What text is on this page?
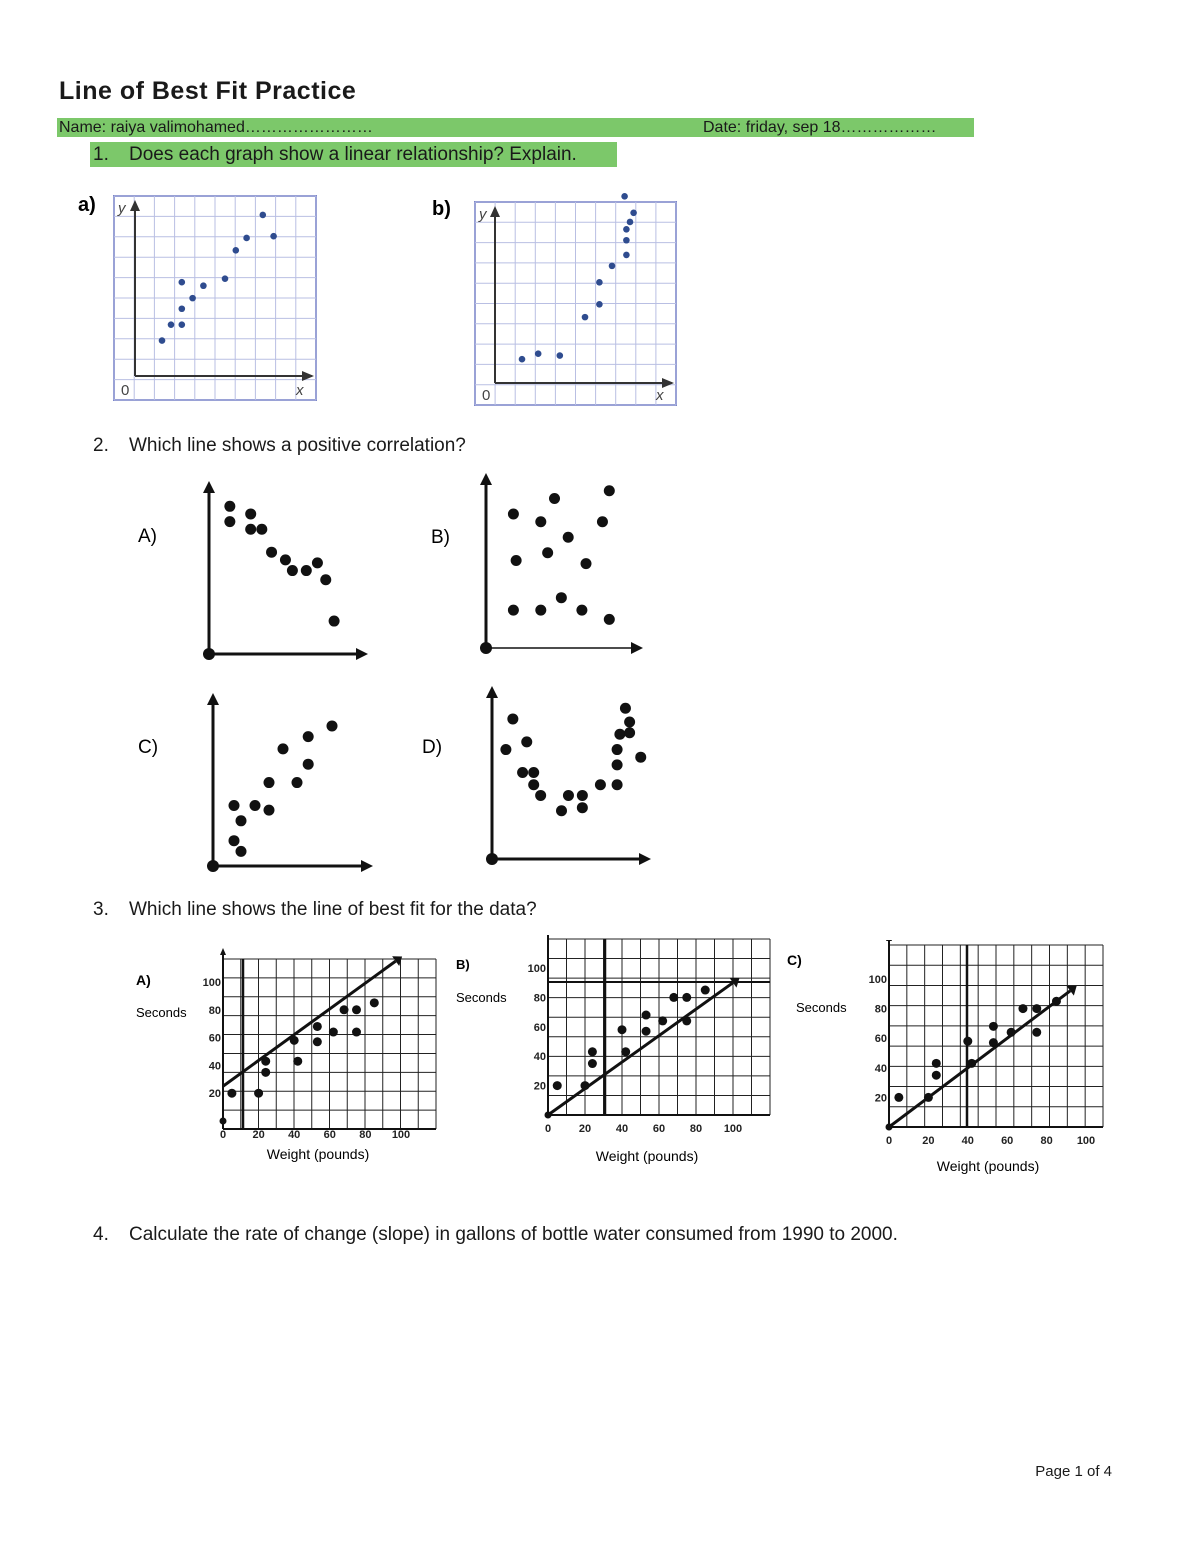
Line of Best Fit Practice
Name: raiya valimohamed……………………	Date: friday, sep 18………………
1. Does each graph show a linear relationship? Explain.
a) y
x
0
b) y
x
0
2. Which line shows a positive correlation?
A)	B)
C)	D)
3. Which line shows the line of best fit for the data?
A)
Seconds
Weight (pounds)
0 20 40 60 80 100
20
40
60
80
100
B)
Seconds
Weight (pounds)
0	20 40 60 80 100
20
40
60
80
100
C)
Seconds
Weight (pounds)
0	20 40 60 80 100
20
40
60
80
100
4. Calculate the rate of change (slope) in gallons of bottle water consumed from 1990 to 2000.
Page 1 of 4
